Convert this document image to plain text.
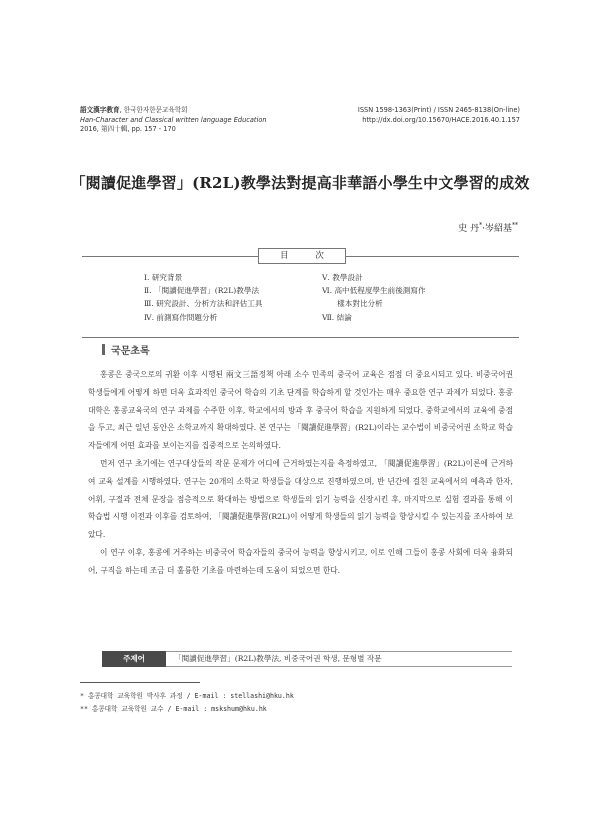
語文漢字教育, 한국한자한문교육학회
Han-Character and Classical written language Education
2016, 第四十輯, pp. 157 - 170
ISSN 1598-1363(Print) / ISSN 2465-8138(On-line)
http://dx.doi.org/10.15670/HACE.2016.40.1.157
「閱讀促進學習」(R2L)教學法對提高非華語小學生中文學習的成效
史 丹*·岑紹基**
目 次
Ⅰ. 研究背景
Ⅱ. 「閱讀促進學習」(R2L)教學法
Ⅲ. 研究設計、分析方法和評估工具
Ⅳ. 前測寫作問題分析
Ⅴ. 教學設計
Ⅵ. 高中低程度學生前後測寫作
　　樣本對比分析
Ⅶ. 結論
국문초록

홍콩은 중국으로의 귀환 이후 시행된 兩文三語정책 아래 소수 민족의 중국어 교육은 점점 더 중요시되고 있다. 비중국어권 학생들에게 어떻게 하면 더욱 효과적인 중국어 학습의 기초 단계를 학습하게 할 것인가는 매우 중요한 연구 과제가 되었다. 홍콩대학은 홍콩교육국의 연구 과제를 수주한 이후, 학교에서의 방과 후 중국어 학습을 지원하게 되었다. 중학교에서의 교육에 중점을 두고, 최근 일년 동안은 소학교까지 확대하였다. 본 연구는 「閱讀促進學習」(R2L)이라는 교수법이 비중국어권 소학교 학습자들에게 어떤 효과를 보이는지를 집중적으로 논의하였다.

먼저 연구 초기에는 연구대상들의 작문 문제가 어디에 근거하였는지를 측정하였고, 「閱讀促進學習」(R2L)이론에 근거하여 교육 설계를 시행하였다. 연구는 20개의 소학교 학생들을 대상으로 진행하였으며, 반 년간에 걸친 교육에서의 예측과 한자, 어휘, 구절과 전체 문장을 점층적으로 확대하는 방법으로 학생들의 읽기 능력을 신장시킨 후, 마지막으로 실험 결과를 통해 이 학습법 시행 이전과 이후를 검토하여, 「閱讀促進學習(R2L)이 어떻게 학생들의 읽기 능력을 향상시킬 수 있는지를 조사하여 보았다.

이 연구 이후, 홍콩에 거주하는 비중국어 학습자들의 중국어 능력을 향상시키고, 이로 인해 그들이 홍콩 사회에 더욱 융화되어, 구직을 하는데 조금 더 훌륭한 기초를 마련하는데 도움이 되었으면 한다.

주제어	「閱讀促進學習」(R2L)教學法, 비중국어권 학생, 문형별 작문
* 홍콩대학 교육학원 박사후 과정 / E-mail : stellashi@hku.hk
** 홍콩대학 교육학원 교수 / E-mail : mskshum@hku.hk
